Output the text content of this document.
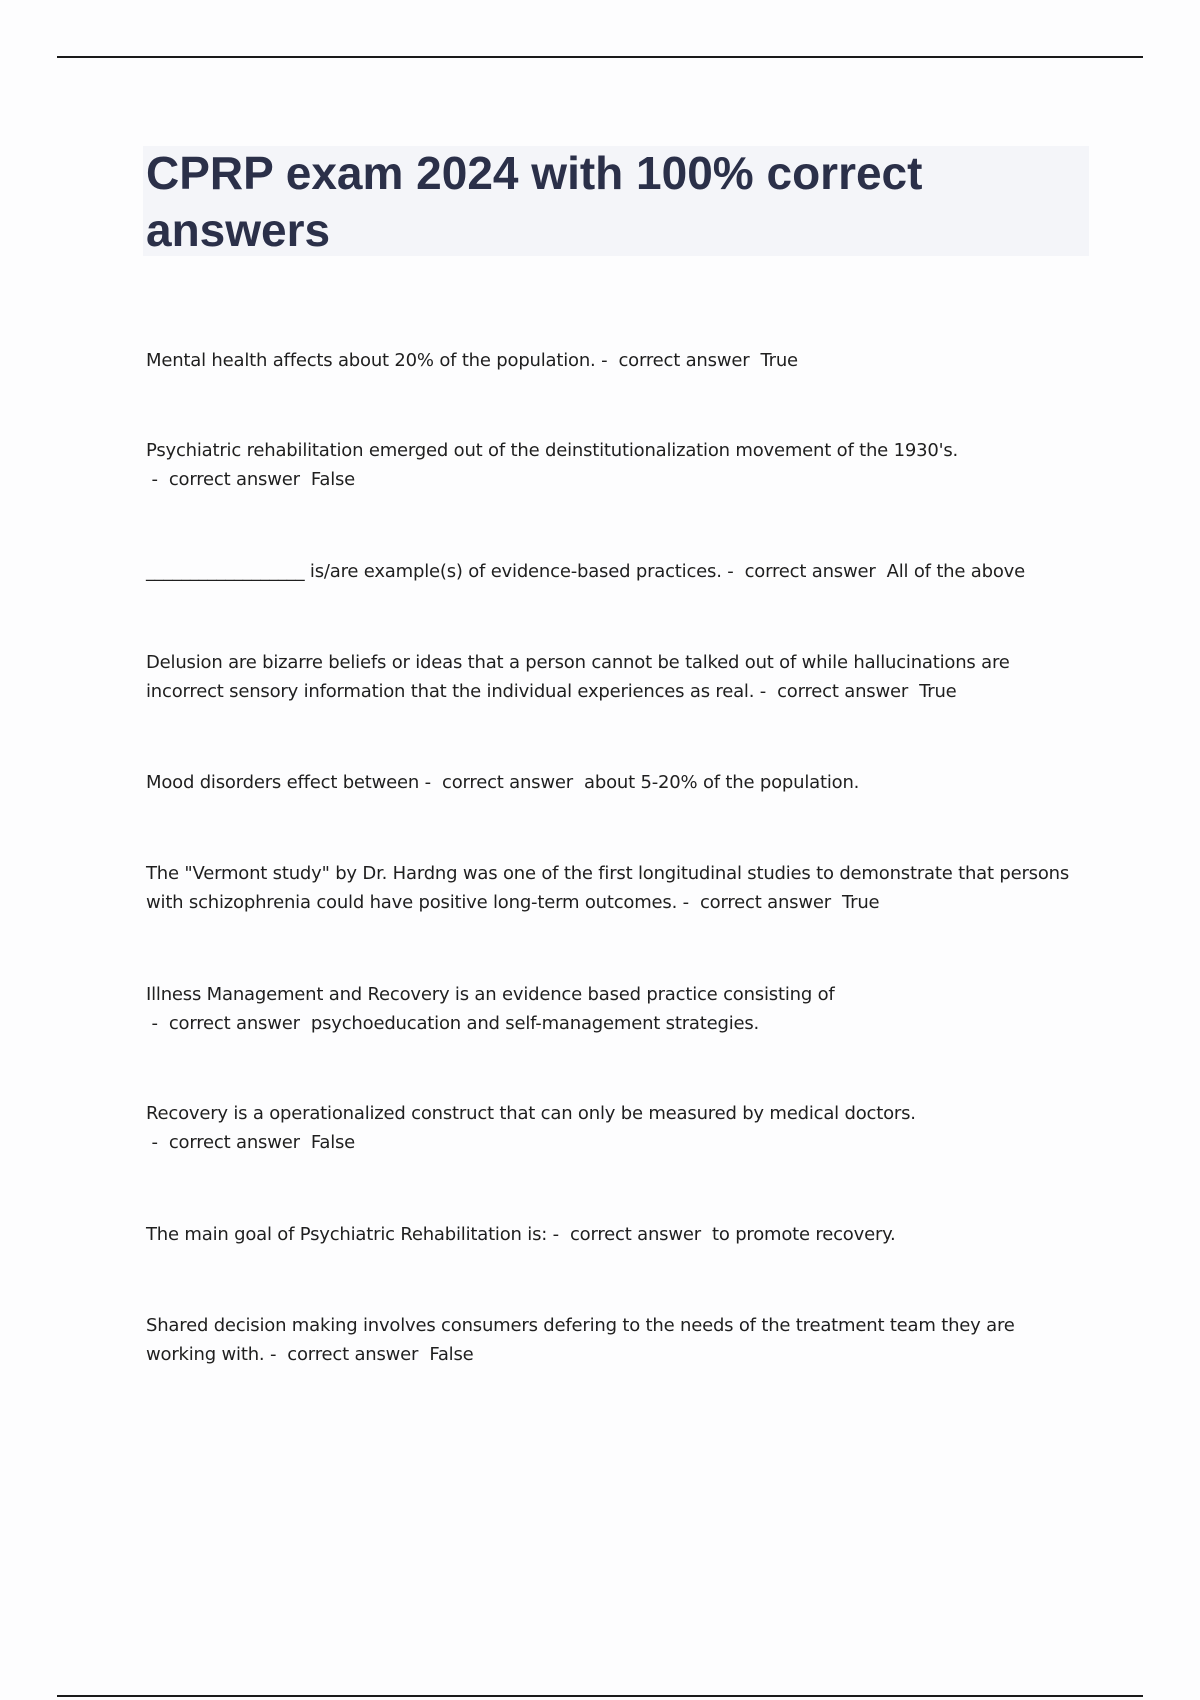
CPRP exam 2024 with 100% correct answers

Mental health affects about 20% of the population. -  correct answer  True

Psychiatric rehabilitation emerged out of the deinstitutionalization movement of the 1930's. -  correct answer  False

__________________ is/are example(s) of evidence-based practices. -  correct answer  All of the above

Delusion are bizarre beliefs or ideas that a person cannot be talked out of while hallucinations are incorrect sensory information that the individual experiences as real. -  correct answer  True

Mood disorders effect between -  correct answer  about 5-20% of the population.

The "Vermont study" by Dr. Hardng was one of the first longitudinal studies to demonstrate that persons with schizophrenia could have positive long-term outcomes. -  correct answer  True

Illness Management and Recovery is an evidence based practice consisting of -  correct answer  psychoeducation and self-management strategies.

Recovery is a operationalized construct that can only be measured by medical doctors. -  correct answer  False

The main goal of Psychiatric Rehabilitation is: -  correct answer  to promote recovery.

Shared decision making involves consumers defering to the needs of the treatment team they are working with. -  correct answer  False
